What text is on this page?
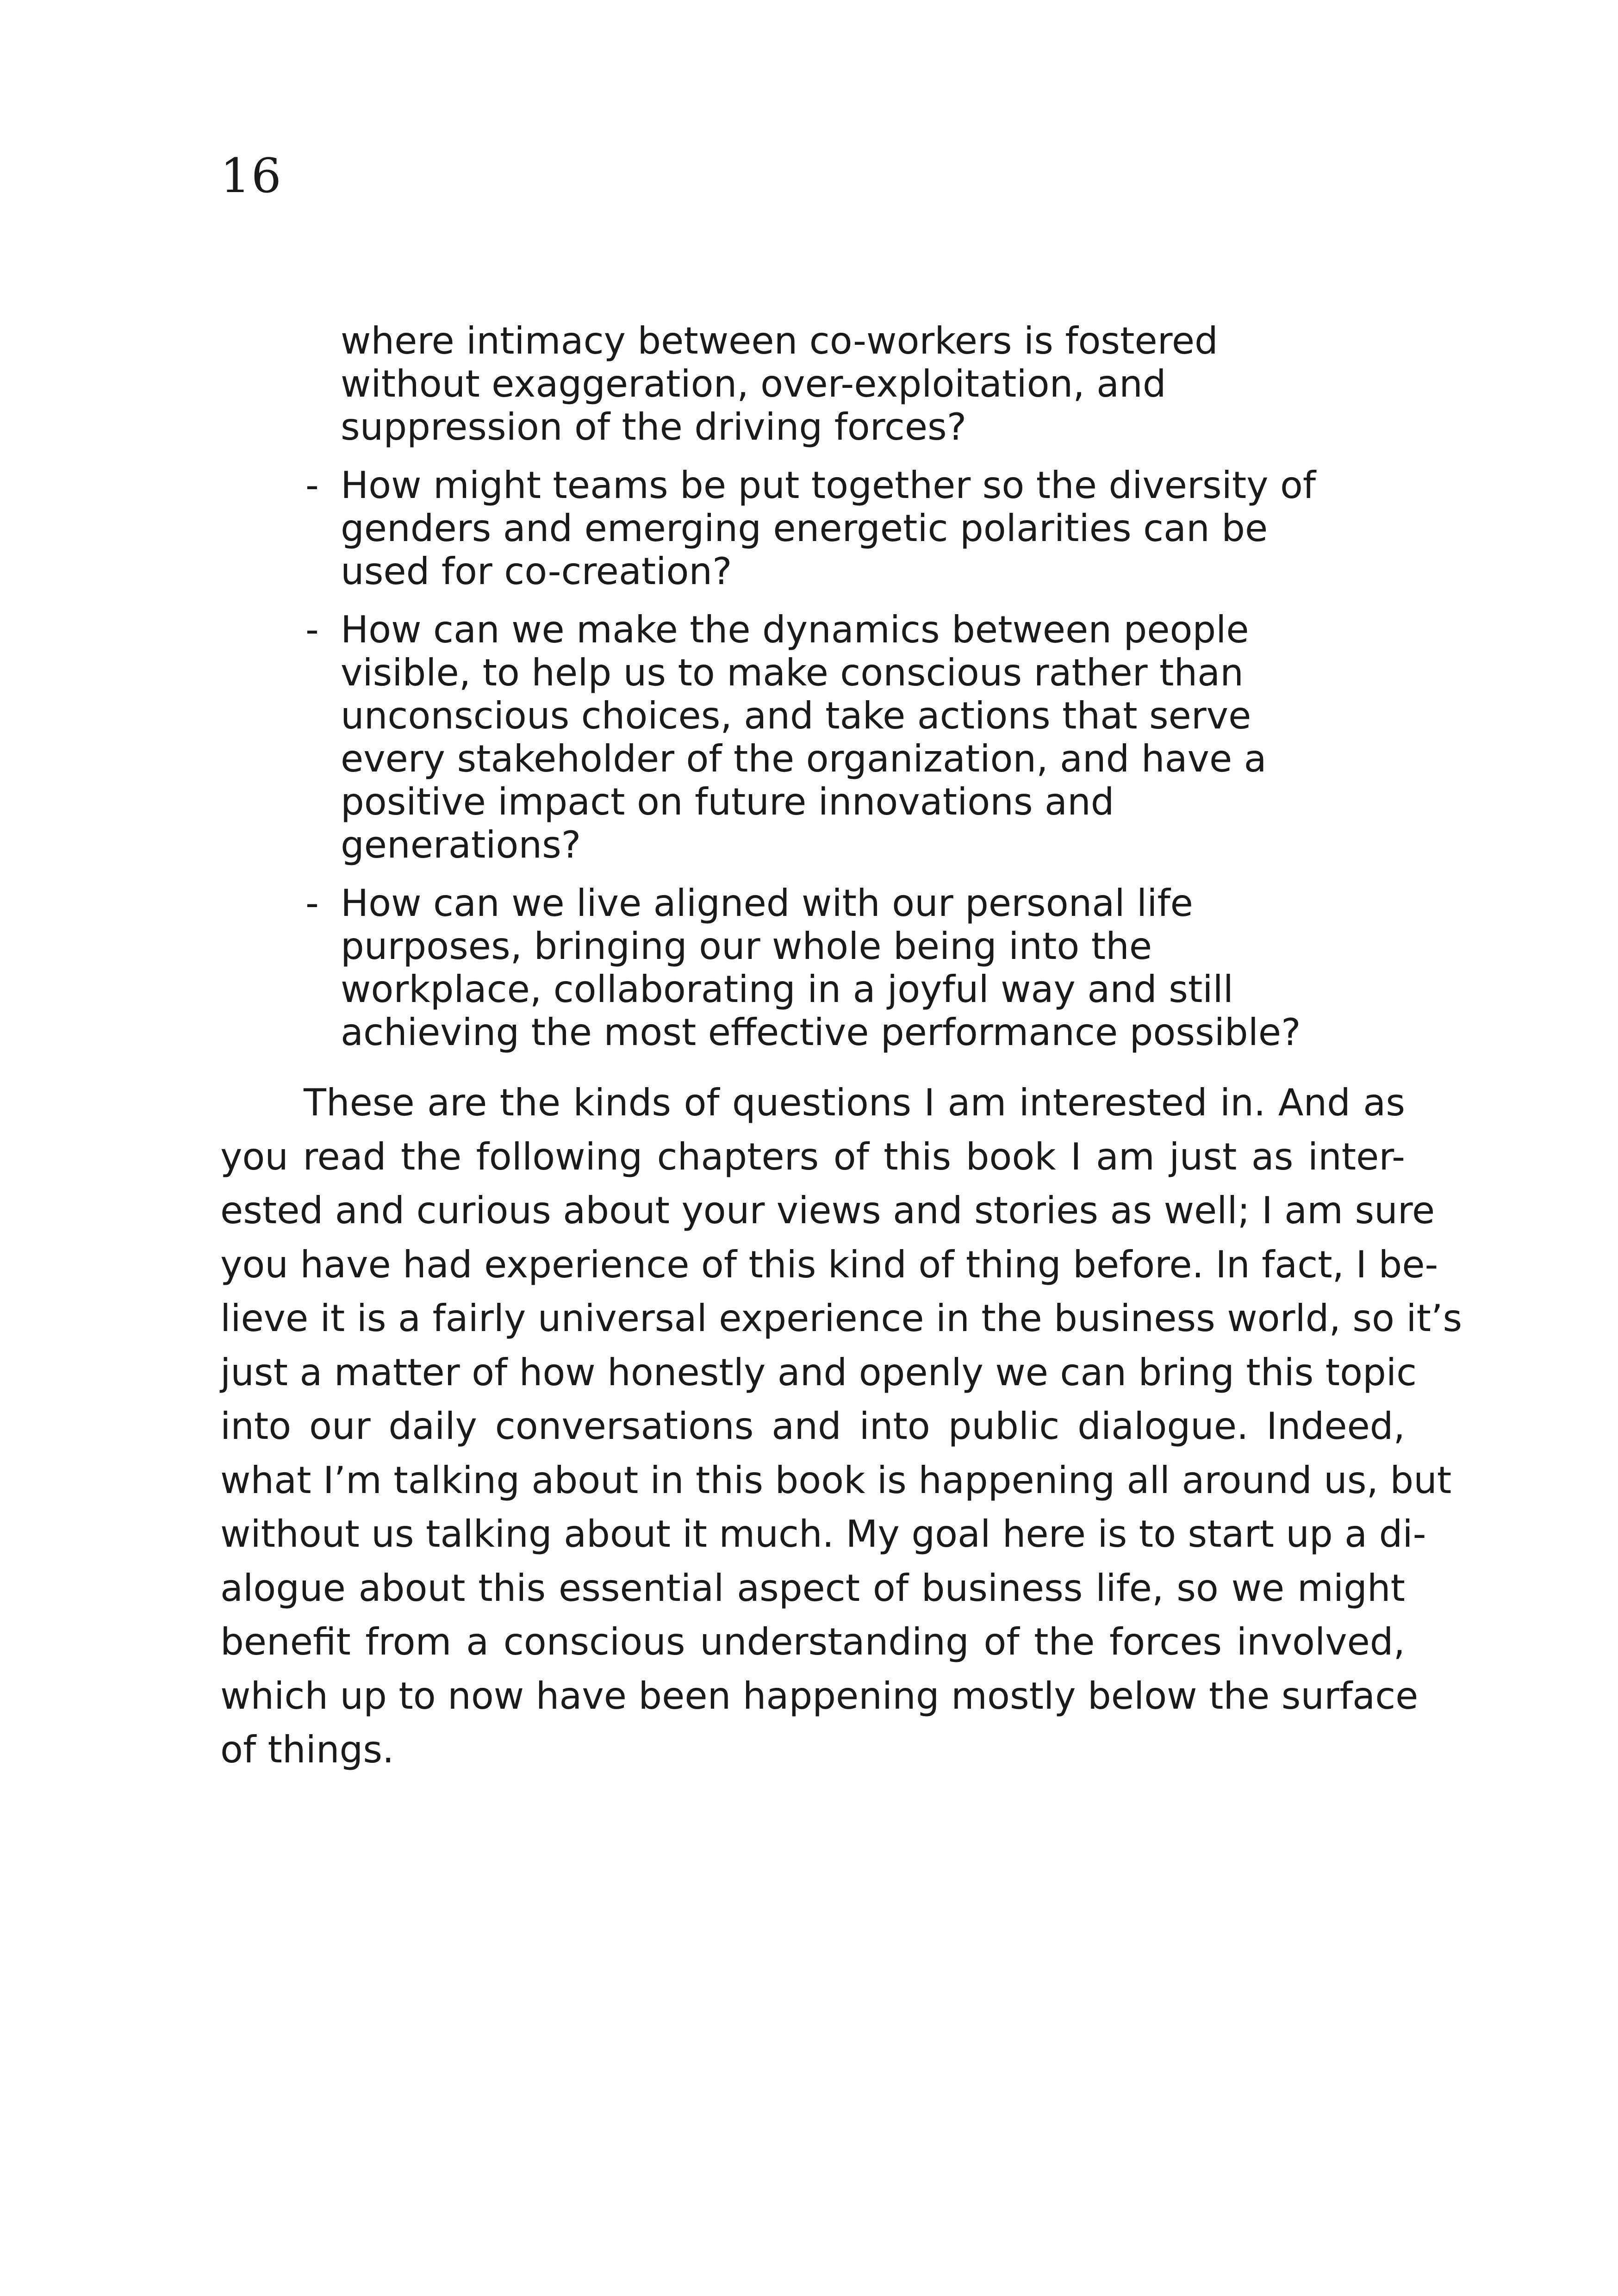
16
where intimacy between co-workers is fostered
without exaggeration, over-exploitation, and
suppression of the driving forces?
- How might teams be put together so the diversity of
genders and emerging energetic polarities can be
used for co-creation?
- How can we make the dynamics between people
visible, to help us to make conscious rather than
unconscious choices, and take actions that serve
every stakeholder of the organization, and have a
positive impact on future innovations and
generations?
- How can we live aligned with our personal life
purposes, bringing our whole being into the
workplace, collaborating in a joyful way and still
achieving the most effective performance possible?
These are the kinds of questions I am interested in. And as
you read the following chapters of this book I am just as inter-
ested and curious about your views and stories as well; I am sure
you have had experience of this kind of thing before. In fact, I be-
lieve it is a fairly universal experience in the business world, so it’s
just a matter of how honestly and openly we can bring this topic
into our daily conversations and into public dialogue. Indeed,
what I’m talking about in this book is happening all around us, but
without us talking about it much. My goal here is to start up a di-
alogue about this essential aspect of business life, so we might
benefit from a conscious understanding of the forces involved,
which up to now have been happening mostly below the surface
of things.
